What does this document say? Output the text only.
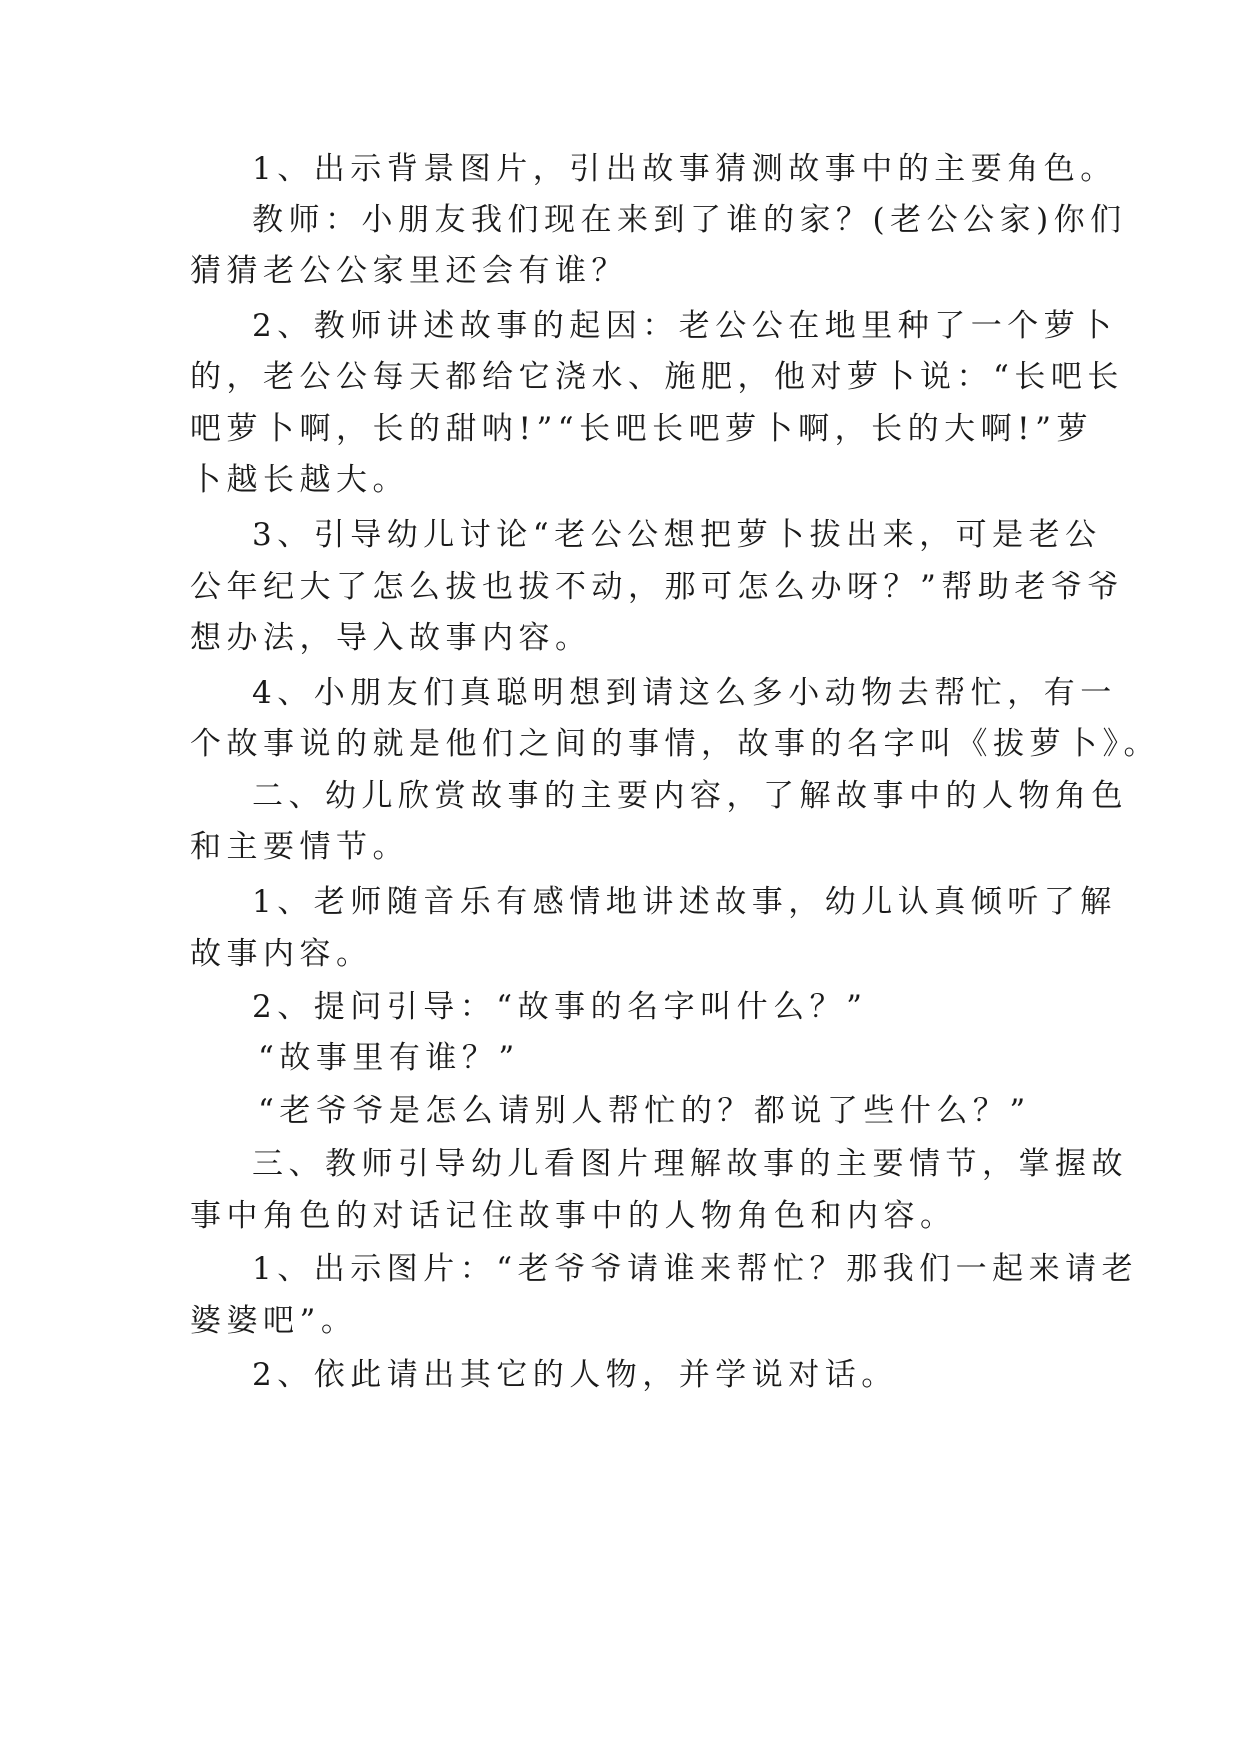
1、出示背景图片，引出故事猜测故事中的主要角色。
教师：小朋友我们现在来到了谁的家？(老公公家)你们
猜猜老公公家里还会有谁？
2、教师讲述故事的起因：老公公在地里种了一个萝卜
的，老公公每天都给它浇水、施肥，他对萝卜说：“长吧长
吧萝卜啊，长的甜呐!”“长吧长吧萝卜啊，长的大啊!”萝
卜越长越大。
3、引导幼儿讨论“老公公想把萝卜拔出来，可是老公
公年纪大了怎么拔也拔不动，那可怎么办呀？”帮助老爷爷
想办法，导入故事内容。
4、小朋友们真聪明想到请这么多小动物去帮忙，有一
个故事说的就是他们之间的事情，故事的名字叫《拔萝卜》。
二、幼儿欣赏故事的主要内容，了解故事中的人物角色
和主要情节。
1、老师随音乐有感情地讲述故事，幼儿认真倾听了解
故事内容。
2、提问引导：“故事的名字叫什么？”
“故事里有谁？”
“老爷爷是怎么请别人帮忙的？都说了些什么？”
三、教师引导幼儿看图片理解故事的主要情节，掌握故
事中角色的对话记住故事中的人物角色和内容。
1、出示图片：“老爷爷请谁来帮忙？那我们一起来请老
婆婆吧”。
2、依此请出其它的人物，并学说对话。
